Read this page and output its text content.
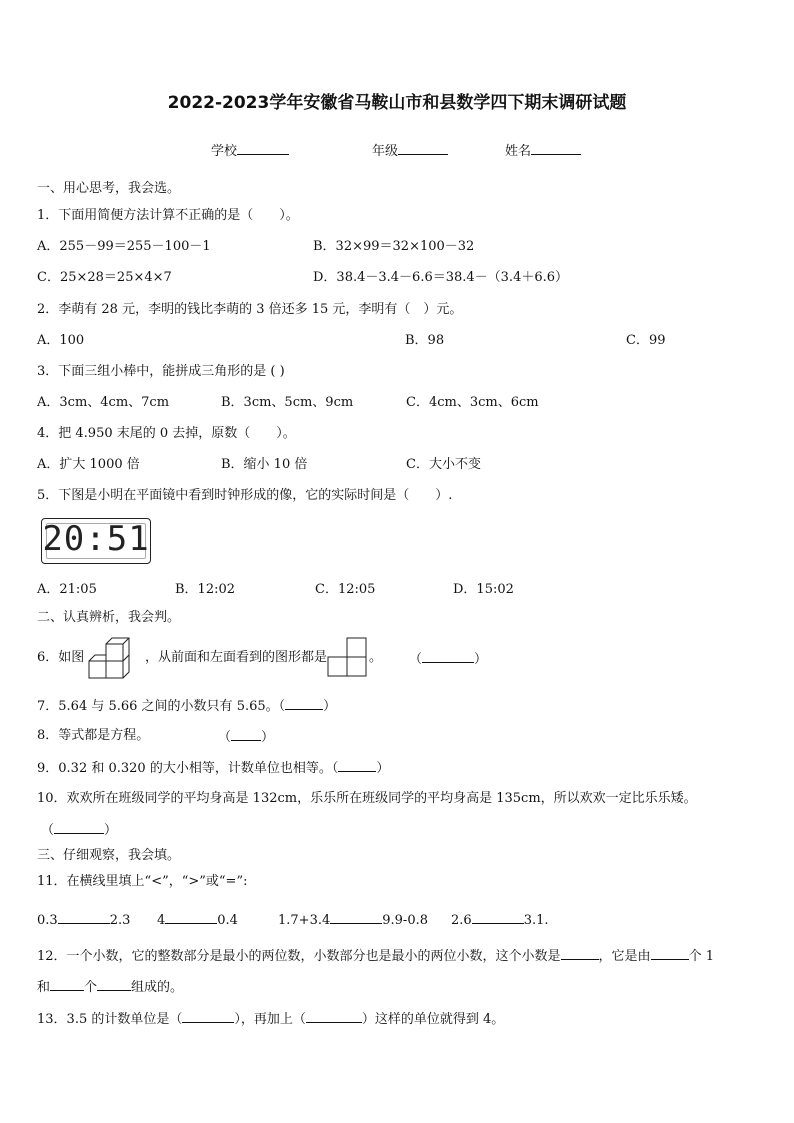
2022-2023学年安徽省马鞍山市和县数学四下期末调研试题
学校	年级	姓名
一、用心思考，我会选。
1．下面用简便方法计算不正确的是（　　）。
A．255－99＝255－100－1	B．32×99＝32×100－32
C．25×28＝25×4×7	D．38.4－3.4－6.6＝38.4－（3.4＋6.6）
2．李萌有 28 元，李明的钱比李萌的 3 倍还多 15 元，李明有（　）元。
A．100	B．98	C．99
3．下面三组小棒中，能拼成三角形的是 ( )
A．3cm、4cm、7cm	B．3cm、5cm、9cm	C．4cm、3cm、6cm
4．把 4.950 末尾的 0 去掉，原数（　　）。
A．扩大 1000 倍	B．缩小 10 倍	C．大小不变
5．下图是小明在平面镜中看到时钟形成的像，它的实际时间是（　　）.
20:51
A．21:05	B．12:02	C．12:05	D．15:02
二、认真辨析，我会判。
6．如图	，从前面和左面看到的图形都是	。 （	）
7．5.64 与 5.66 之间的小数只有 5.65。（	）
8．等式都是方程。	（ ）
9．0.32 和 0.320 的大小相等，计数单位也相等。（	）
10．欢欢所在班级同学的平均身高是 132cm，乐乐所在班级同学的平均身高是 135cm，所以欢欢一定比乐乐矮。
（	）
三、仔细观察，我会填。
11．在横线里填上“<”，“>”或“=”:
0.3	2.3 4	0.4	1.7+3.4	9.9-0.8 2.6	3.1.
12．一个小数，它的整数部分是最小的两位数，小数部分也是最小的两位小数，这个小数是	，它是由	个 1
和	个	组成的。
13．3.5 的计数单位是（	），再加上（	）这样的单位就得到 4。
